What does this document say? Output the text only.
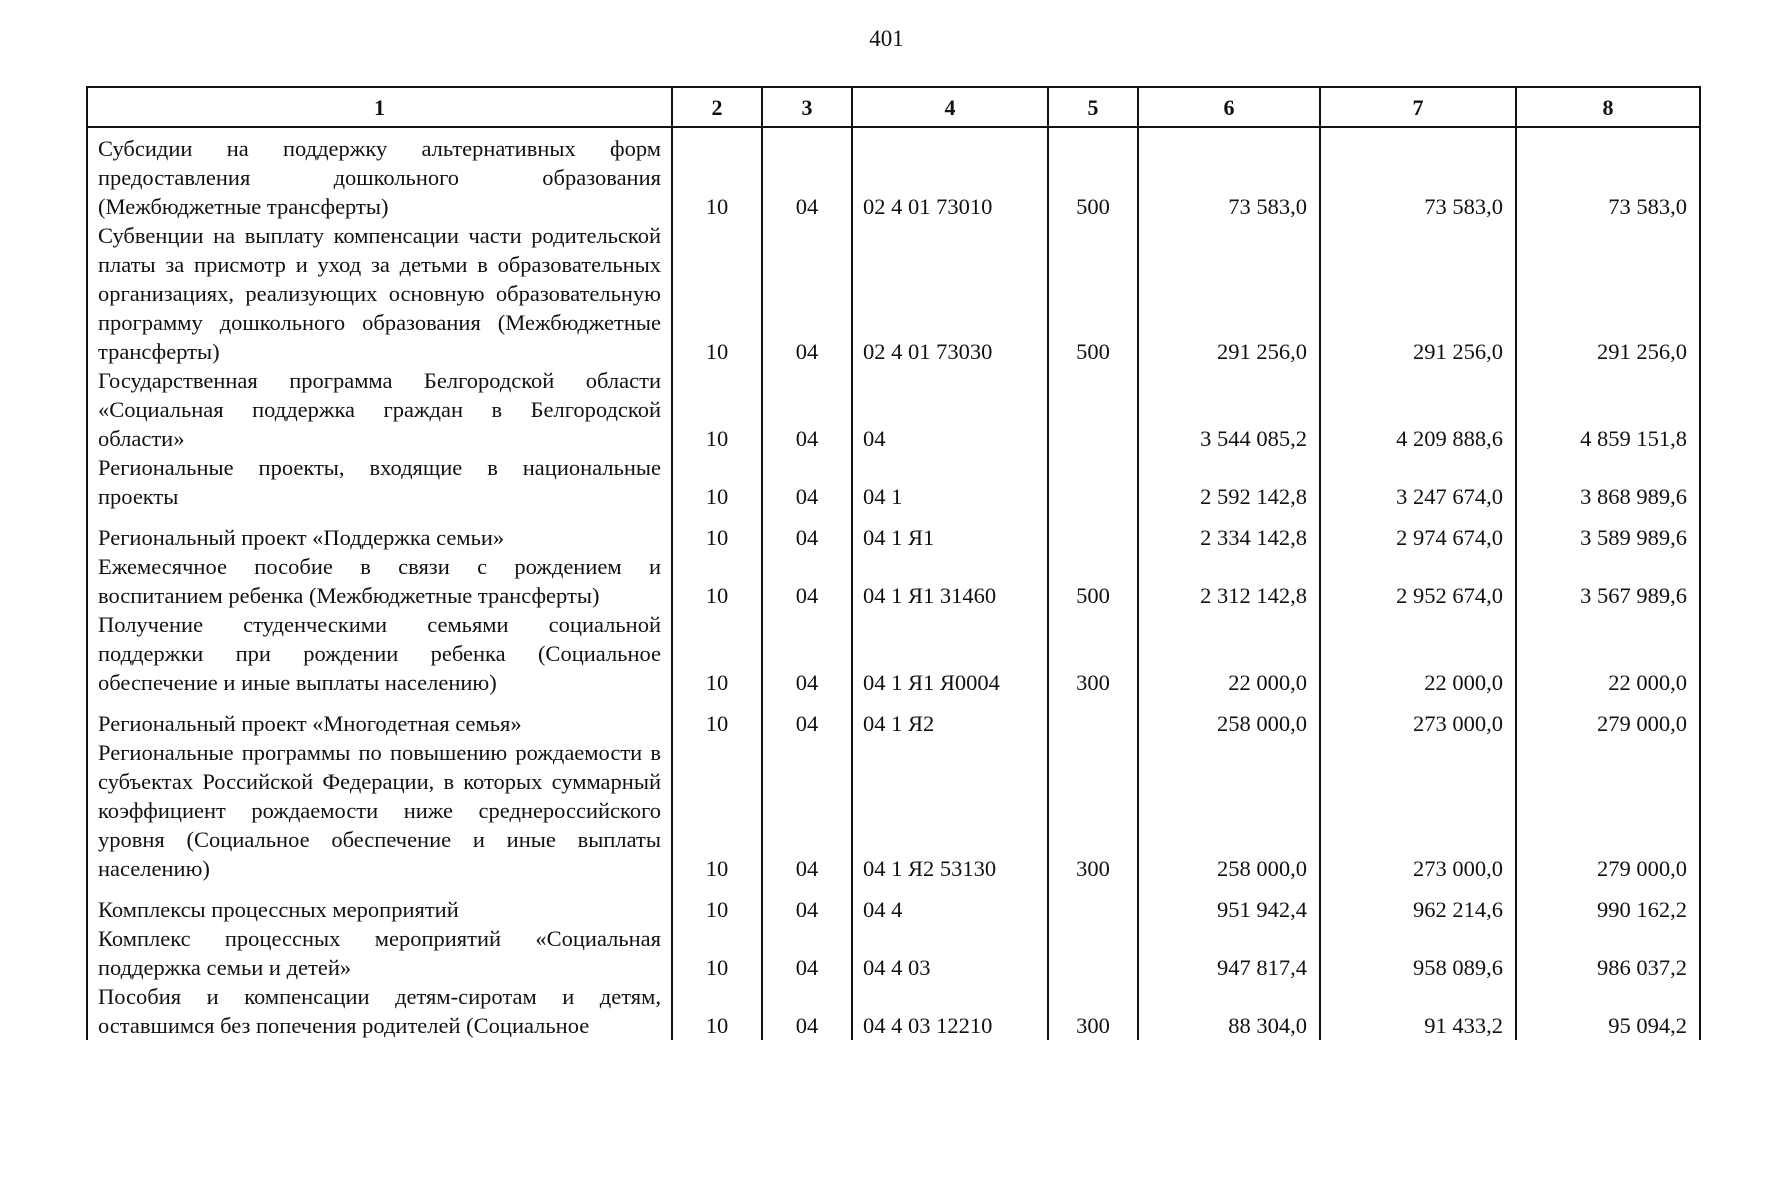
401
1	2	3	4	5	6	7	8
Субсидии на поддержку альтернативных форм предоставления дошкольного образования (Межбюджетные трансферты)	10	04	02 4 01 73010	500	73 583,0	73 583,0	73 583,0
Субвенции на выплату компенсации части родительской платы за присмотр и уход за детьми в образовательных организациях, реализующих основную образовательную программу дошкольного образования (Межбюджетные трансферты)	10	04	02 4 01 73030	500	291 256,0	291 256,0	291 256,0
Государственная программа Белгородской области «Социальная поддержка граждан в Белгородской области»	10	04	04		3 544 085,2	4 209 888,6	4 859 151,8
Региональные проекты, входящие в национальные проекты	10	04	04 1		2 592 142,8	3 247 674,0	3 868 989,6
Региональный проект «Поддержка семьи»	10	04	04 1 Я1		2 334 142,8	2 974 674,0	3 589 989,6
Ежемесячное пособие в связи с рождением и воспитанием ребенка (Межбюджетные трансферты)	10	04	04 1 Я1 31460	500	2 312 142,8	2 952 674,0	3 567 989,6
Получение студенческими семьями социальной поддержки при рождении ребенка (Социальное обеспечение и иные выплаты населению)	10	04	04 1 Я1 Я0004	300	22 000,0	22 000,0	22 000,0
Региональный проект «Многодетная семья»	10	04	04 1 Я2		258 000,0	273 000,0	279 000,0
Региональные программы по повышению рождаемости в субъектах Российской Федерации, в которых суммарный коэффициент рождаемости ниже среднероссийского уровня (Социальное обеспечение и иные выплаты населению)	10	04	04 1 Я2 53130	300	258 000,0	273 000,0	279 000,0
Комплексы процессных мероприятий	10	04	04 4		951 942,4	962 214,6	990 162,2
Комплекс процессных мероприятий «Социальная поддержка семьи и детей»	10	04	04 4 03		947 817,4	958 089,6	986 037,2
Пособия и компенсации детям-сиротам и детям, оставшимся без попечения родителей (Социальное	10	04	04 4 03 12210	300	88 304,0	91 433,2	95 094,2
